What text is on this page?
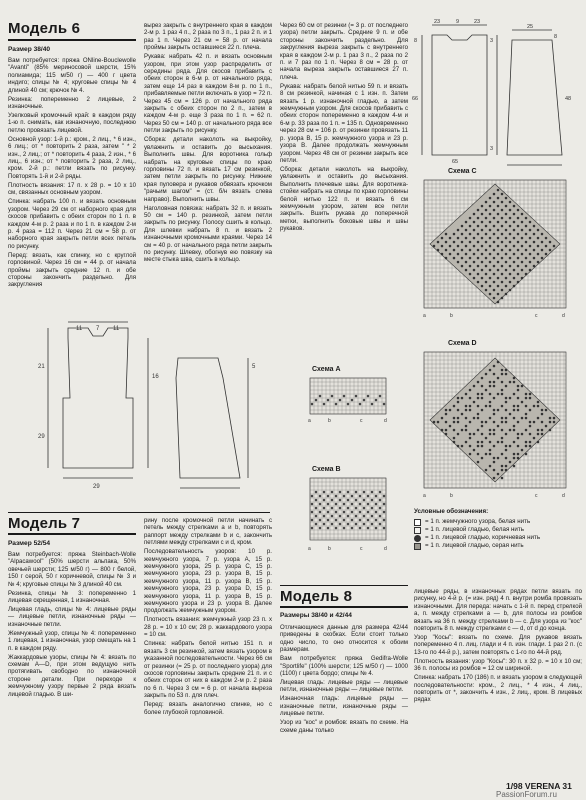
Модель 6
Размер 38/40

Вам потребуется: пряжа ONline-Bouclewolle "Avanti" (85% мериносовой шерсти, 15% полиамида; 115 м/50 г) — 400 г цвета индиго; спицы № 4; круговые спицы № 4 длиной 40 см; крючок № 4.

Резинка: попеременно 2 лицевые, 2 изнаночные.

Узелковый кромочный край: в каждом ряду 1-ю п. снимать, как изнаночную, последнюю петлю провязать лицевой.

Основной узор: 1-й р.: кром., 2 лиц., * 6 изн., 6 лиц.; от * повторить 2 раза, затем " * 2 изн., 2 лиц.; от * повторить 4 раза, 2 изн., * 6 лиц., 6 изн.; от * повторить 2 раза, 2 лиц., кром. 2-й р.: петли вязать по рисунку. Повторять 1-й и 2-й ряды.

Плотность вязания: 17 п. х 28 р. = 10 х 10 см, связанных основным узором.

Спинка: набрать 100 п. и вязать основным узором. Через 29 см от наборного края для скосов прибавить с обеих сторон по 1 п. в каждом 4-м р. 2 раза и по 1 п. в каждом 2-м р. 4 раза = 112 п. Через 21 см = 58 р. от наборного края закрыть петли всех петель по рисунку.

Перед: вязать, как спинку, но с круглой горловиной. Через 16 см = 44 р. от начала проймы закрыть средние 12 п. и обе стороны закончить раздельно. Для закругления

вырез закрыть с внутреннего края в каждом 2-м р. 1 раз 4 п., 2 раза по 3 п., 1 раз 2 п. и 1 раз 1 п. Через 21 см = 58 р. от начала проймы закрыть оставшиеся 22 п. плеча.

Рукава: набрать 42 п. и вязать основным узором, при этом узор распределить от середины ряда. Для скосов прибавить с обеих сторон в 6-м р. от начального ряда, затем еще 14 раз в каждом 8-м р. по 1 п., прибавляемые петли включать в узор = 72 п. Через 45 см = 126 р. от начального ряда закрыть с обеих сторон по 2 п., затем в каждом 4-м р. еще 3 раза по 1 п. = 62 п. Через 50 см = 140 р. от начального ряда все петли закрыть по рисунку.

Сборка: детали наколоть на выкройку, увлажнить и оставить до высыхания. Выполнить швы. Для воротника гольф набрать на круговые спицы по краю горловины 72 п. и вязать 17 см резинкой, затем петли закрыть по рисунку. Нижние края пуловера и рукавов обвязать крючком "рачьим шагом" = (ст. б/н вязать слева направо). Выполнить швы.

Наголовная повязка: набрать 32 п. и вязать 50 см = 140 р. резинкой, затем петли закрыть по рисунку. Полосу сшить в кольцо. Для шлевки набрать 8 п. и вязать 2 изнаночными кромочными краями. Через 14 см = 40 р. от начального ряда петли закрыть по рисунку. Шлевку, обогнув ею повязку на месте стыка шва, сшить в кольцо.

Через 60 см от резинки (= 3 р. от последнего узора) петли закрыть. Средние 9 п. и обе стороны закончить раздельно. Для закругления выреза закрыть с внутреннего края в каждом 2-м р. 1 раз 3 п., 2 раза по 2 п. и 7 раз по 1 п. Через 8 см = 28 р. от начала выреза закрыть оставшиеся 27 п. плеча.

Рукава: набрать белой нитью 59 п. и вязать 8 см резинкой, начиная с 1 изн. п. Затем вязать 1 р. изнаночной гладью, а затем жемчужным узором. Для скосов прибавить с обеих сторон попеременно в каждом 4-м и 6-м р. 33 раза по 1 п. = 135 п. Одновременно через 28 см = 106 р. от резинки провязать 11 р. узора В, 15 р. жемчужного узора и 23 р. узора В. Далее продолжать жемчужным узором. Через 48 см от резинки закрыть все петли.

Сборка: детали наколоть на выкройку, увлажнить и оставить до высыхания. Выполнить плечевые швы. Для воротника-стойки набрать на спицы по краю горловины белой нитью 122 п. и вязать 6 см жемчужным узором, затем все петли закрыть. Вшить рукава до поперечной метки, выполнить боковые швы и швы рукавов.

11 7 11
21
16
29
29
5
Модель 7
Размер 52/54

Вам потребуется: пряжа Steinbach-Wolle "Alpacawool" (50% шерсти альпака, 50% овечьей шерсти; 125 м/50 г) — 800 г белой, 150 г серой, 50 г коричневой, спицы № 3 и № 4; круговые спицы № 3 длиной 40 см.

Резинка, спицы № 3: попеременно 1 лицевая скрещенная, 1 изнаночная.

Лицевая гладь, спицы № 4: лицевые ряды — лицевые петли, изнаночные ряды — изнаночные петли.

Жемчужный узор, спицы № 4: попеременно 1 лицевая, 1 изнаночная, узор смещать на 1 п. в каждом ряду.

Жаккардовые узоры, спицы № 4: вязать по схемам А—D, при этом ведущую нить протягивать свободно по изнаночной стороне детали. При переходе к жемчужному узору первые 2 ряда вязать лицевой гладью. В ши-

рину после кромочной петли начинать с петель между стрелками а и b, повторять раппорт между стрелками b и c, закончить петлями между стрелками с и d, кром.

Последовательность узоров: 10 р. жемчужного узора, 7 р. узора А, 15 р. жемчужного узора, 25 р. узора С, 15 р. жемчужного узора, 23 р. узора В, 15 р. жемчужного узора, 11 р. узора В, 15 р. жемчужного узора, 23 р. узора D, 15 р. жемчужного узора, 11 р. узора В, 15 р. жемчужного узора и 23 р. узора В. Далее продолжать жемчужным узором.

Плотность вязания: жемчужный узор 23 п. х 28 р. = 10 х 10 см; 28 р. жаккардового узора = 10 см.

Спинка: набрать белой нитью 151 п. и вязать 3 см резинкой, затем вязать узором в указанной последовательности. Через 66 см от резинки (= 25 р. от последнего узора) для скосов горловины закрыть средние 21 п. и с обеих сторон от них в каждом 2-м р. 2 раза по 6 п. Через 3 см = 6 р. от начала выреза закрыть по 53 п. для плеч.

Перед: вязать аналогично спинке, но с более глубокой горловиной.

Схема А
а	b	с	d
Схема В
а	b	с	d
23	9	23
8	3
66
3
65
48
25
8
Схема С
а	b	с	d
Схема D
а	b	с	d
Условные обозначения:
= 1 п. жемчужного узора, белая нить
= 1 п. лицевой гладью, белая нить
= 1 п. лицевой гладью, коричневая нить
= 1 п. лицевой гладью, серая нить
Модель 8
Размеры 38/40 и 42/44

Отличающиеся данные для размера 42/44 приведены в скобках. Если стоит только одно число, то оно относится к обоим размерам.

Вам потребуется: пряжа Gedifra-Wolle "Sportlife" (100% шерсти; 125 м/50 г) — 1000 (1100) г цвета бордо; спицы № 4.

Лицевая гладь: лицевые ряды — лицевые петли, изнаночные ряды — лицевые петли.

Изнаночная гладь: лицевые ряды — изнаночные петли, изнаночные ряды — лицевые петли.

Узор из "кос" и ромбов: вязать по схеме. На схеме даны только

лицевые ряды, в изнаночных рядах петли вязать по рисунку, но 4-й р. (= изн. ряд) 4 п. внутри ромба провязать изнаночными. Для переда: начать с 1-й п. перед стрелкой а, п. между стрелками а — b, для полосы из ромбов вязать на 36 п. между стрелками b — с. Для узора из "кос" повторить 8 п. между стрелками с — d, от d до конца.

Узор "Косы": вязать по схеме. Для рукавов вязать попеременно 4 п. лиц. глади и 4 п. изн. глади. 1 раз 2 п. (с 13-го по 44-й р.), затем повторять с 1-го по 44-й ряд.

Плотность вязания: узор "Косы": 30 п. х 32 р. = 10 х 10 см; 36 п. полосы из ромбов = 12 см шириной.

Спинка: набрать 170 (186) п. и вязать узором в следующей последовательности: кром., 2 лиц., * 4 изн., 4 лиц., повторить от *, закончить 4 изн., 2 лиц., кром. В лицевых рядах

1/98 VERENA 31
PassionForum.ru
